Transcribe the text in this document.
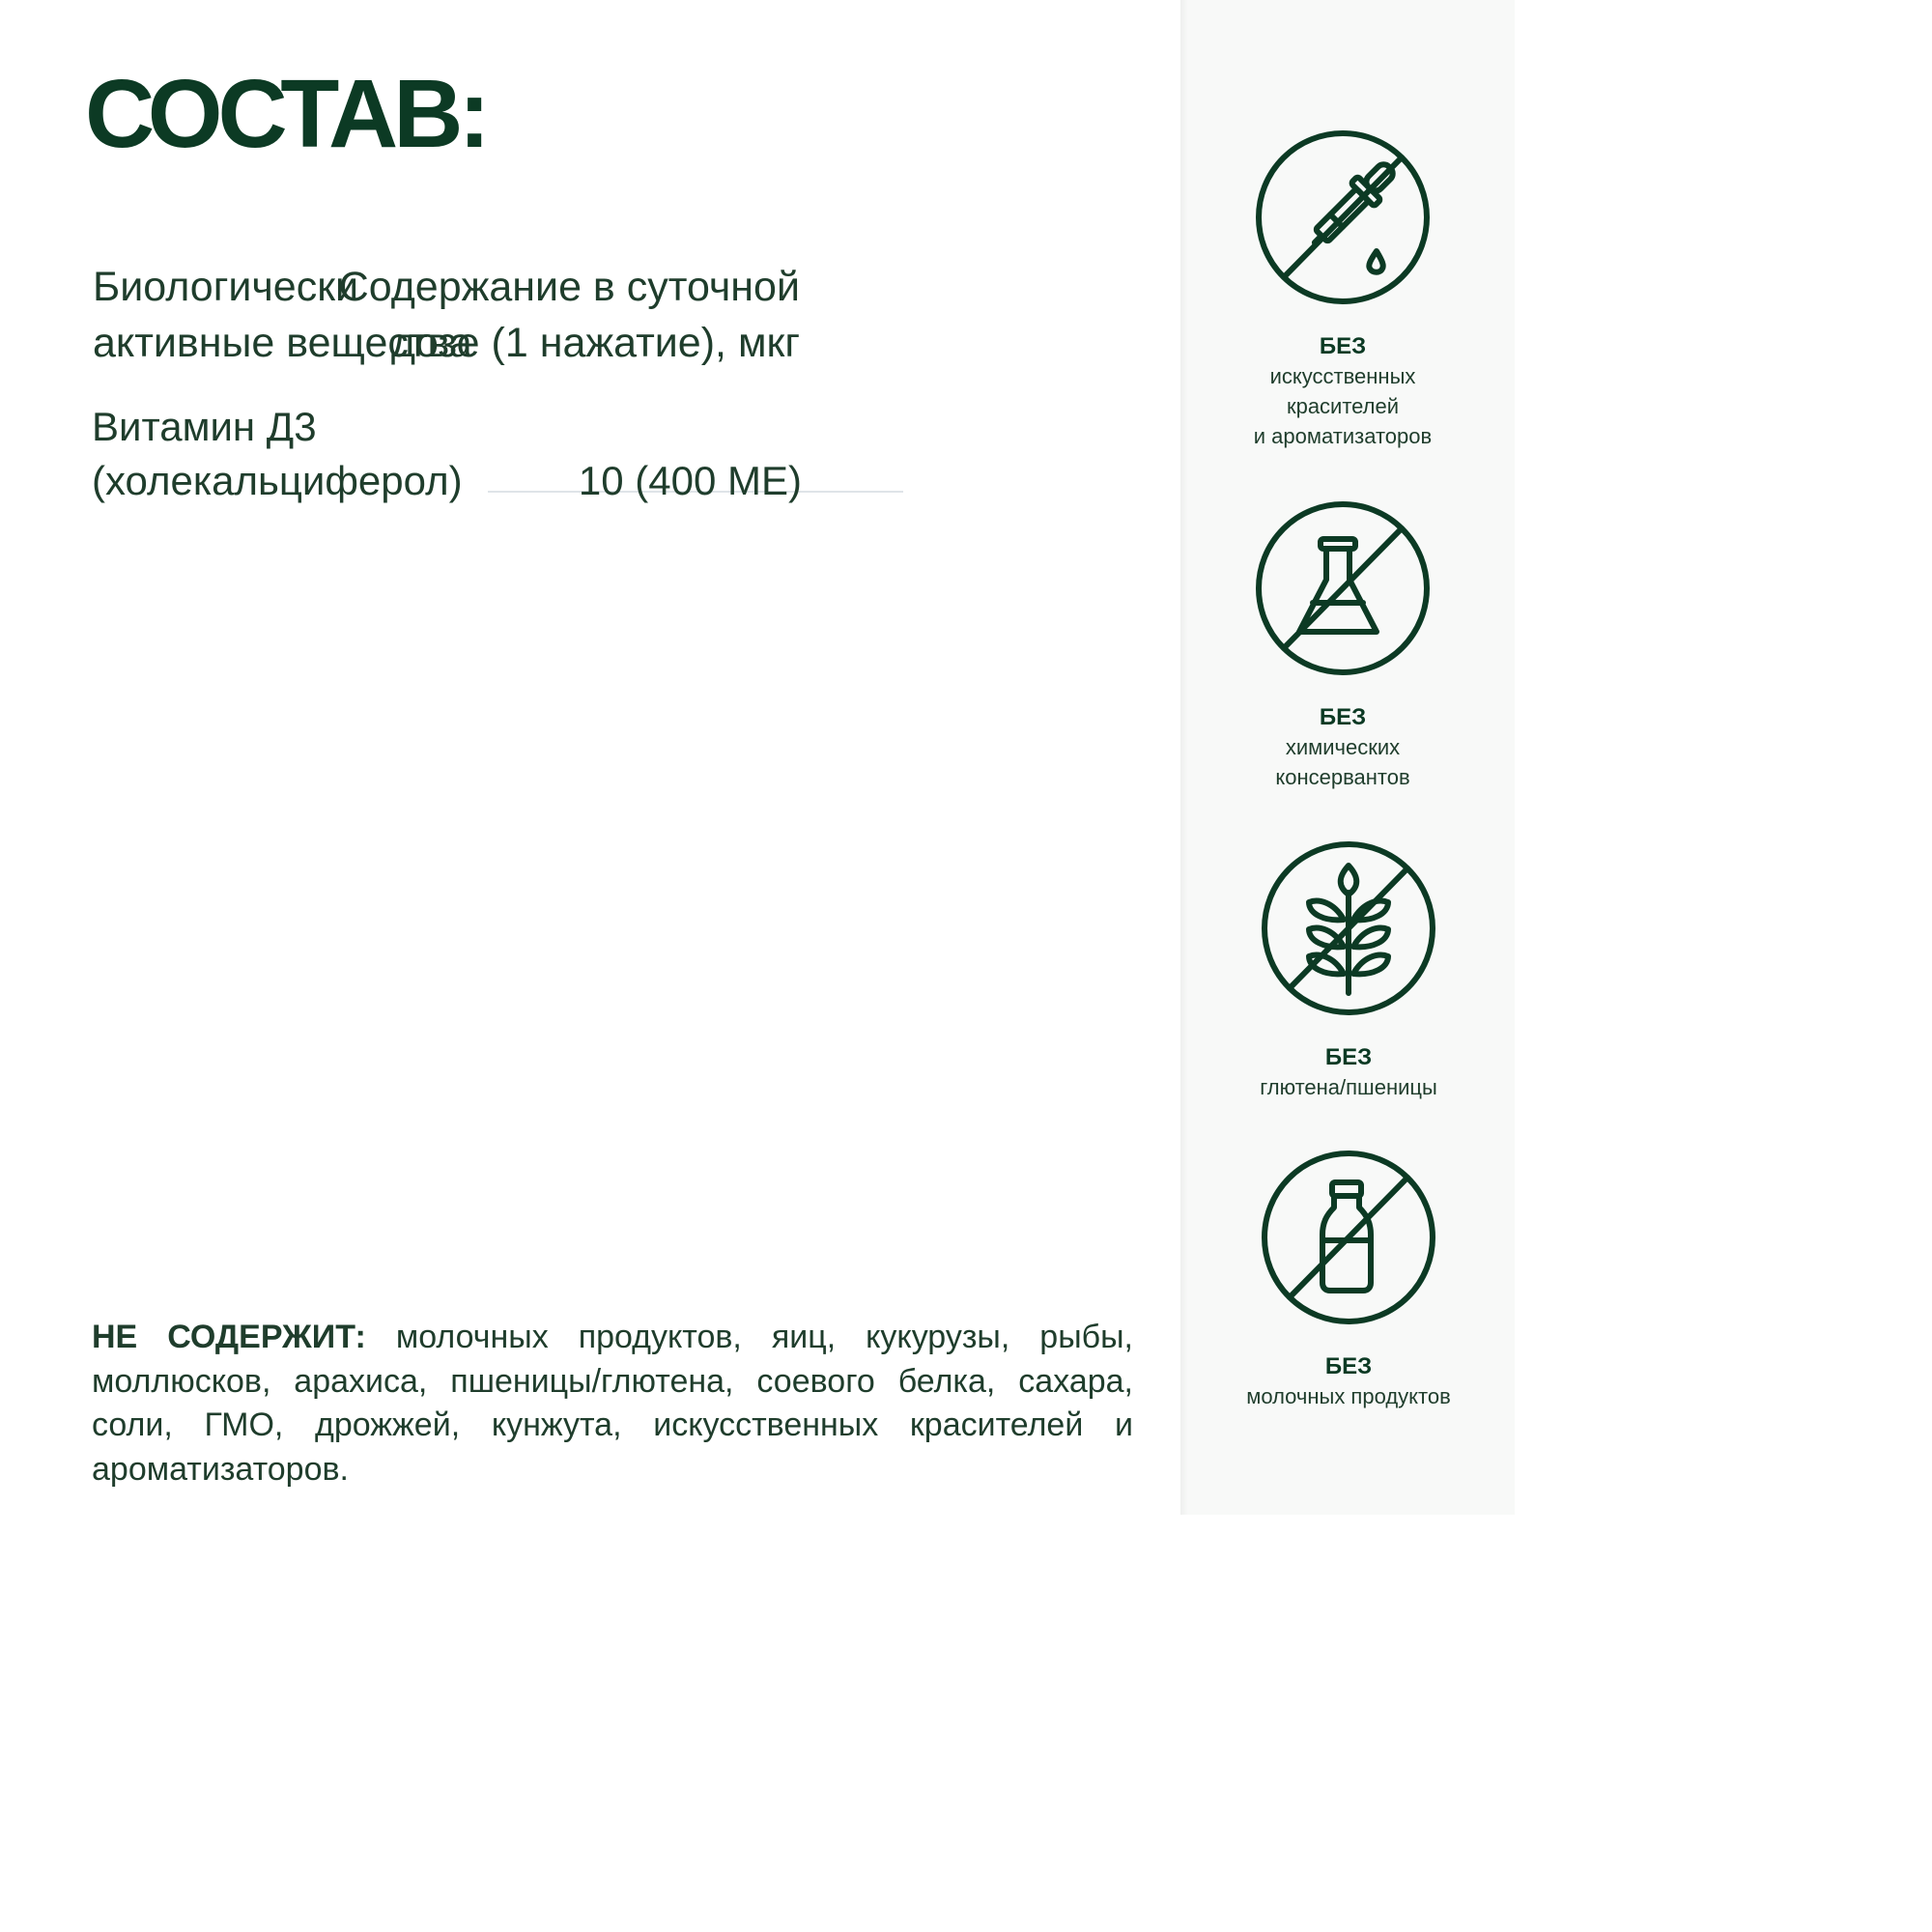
СОСТАВ:
Биологически
активные вещества
Содержание в суточной
дозе (1 нажатие), мкг
Витамин Д3
(холекальциферол)	10 (400 МЕ)

НЕ СОДЕРЖИТ: молочных продуктов, яиц, кукурузы, рыбы, моллюсков, арахиса, пшеницы/глютена, соевого белка, сахара, соли, ГМО, дрожжей, кунжута, искусственных красителей и ароматизаторов.

БЕЗ
искусственных
красителей
и ароматизаторов
БЕЗ
химических
консервантов
БЕЗ
глютена/пшеницы
БЕЗ
молочных продуктов
